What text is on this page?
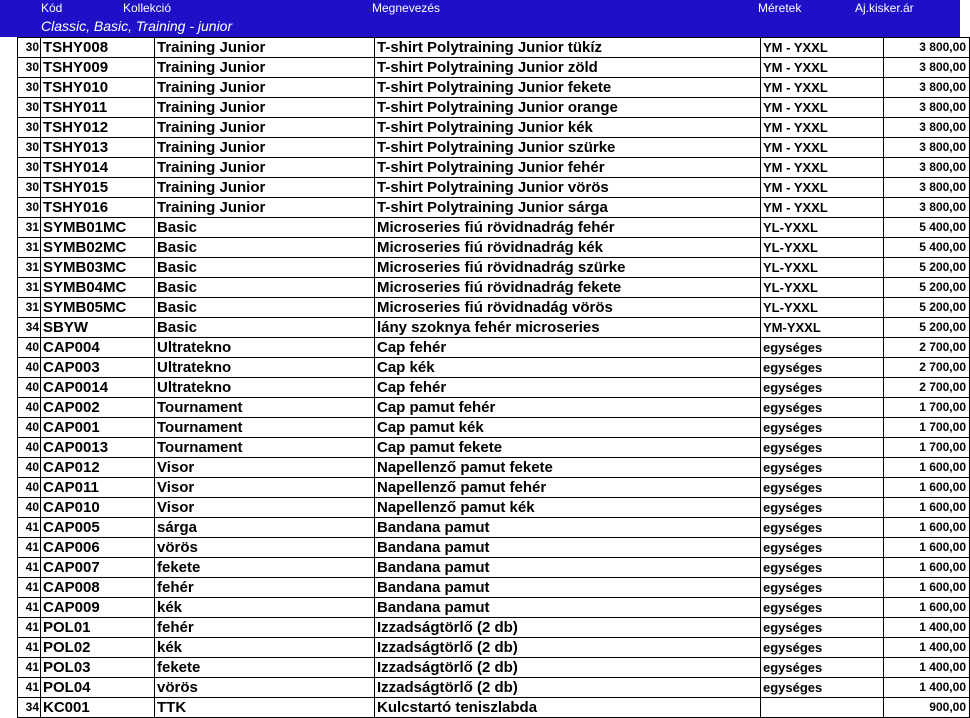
Kód	Kollekció	Megnevezés	Méretek	Aj.kisker.ár
Classic, Basic, Training - junior
30	TSHY008	Training Junior	T-shirt Polytraining Junior tükíz	YM - YXXL	3 800,00
30	TSHY009	Training Junior	T-shirt Polytraining Junior zöld	YM - YXXL	3 800,00
30	TSHY010	Training Junior	T-shirt Polytraining Junior fekete	YM - YXXL	3 800,00
30	TSHY011	Training Junior	T-shirt Polytraining Junior orange	YM - YXXL	3 800,00
30	TSHY012	Training Junior	T-shirt Polytraining Junior kék	YM - YXXL	3 800,00
30	TSHY013	Training Junior	T-shirt Polytraining Junior szürke	YM - YXXL	3 800,00
30	TSHY014	Training Junior	T-shirt Polytraining Junior fehér	YM - YXXL	3 800,00
30	TSHY015	Training Junior	T-shirt Polytraining Junior vörös	YM - YXXL	3 800,00
30	TSHY016	Training Junior	T-shirt Polytraining Junior sárga	YM - YXXL	3 800,00
31	SYMB01MC	Basic	Microseries fiú rövidnadrág fehér	YL-YXXL	5 400,00
31	SYMB02MC	Basic	Microseries fiú rövidnadrág kék	YL-YXXL	5 400,00
31	SYMB03MC	Basic	Microseries fiú rövidnadrág szürke	YL-YXXL	5 200,00
31	SYMB04MC	Basic	Microseries fiú rövidnadrág fekete	YL-YXXL	5 200,00
31	SYMB05MC	Basic	Microseries fiú rövidnadág vörös	YL-YXXL	5 200,00
34	SBYW	Basic	lány szoknya fehér microseries	YM-YXXL	5 200,00
40	CAP004	Ultratekno	Cap fehér	egységes	2 700,00
40	CAP003	Ultratekno	Cap kék	egységes	2 700,00
40	CAP0014	Ultratekno	Cap fehér	egységes	2 700,00
40	CAP002	Tournament	Cap pamut fehér	egységes	1 700,00
40	CAP001	Tournament	Cap pamut kék	egységes	1 700,00
40	CAP0013	Tournament	Cap pamut fekete	egységes	1 700,00
40	CAP012	Visor	Napellenző pamut fekete	egységes	1 600,00
40	CAP011	Visor	Napellenző pamut fehér	egységes	1 600,00
40	CAP010	Visor	Napellenző pamut kék	egységes	1 600,00
41	CAP005	sárga	Bandana pamut	egységes	1 600,00
41	CAP006	vörös	Bandana pamut	egységes	1 600,00
41	CAP007	fekete	Bandana pamut	egységes	1 600,00
41	CAP008	fehér	Bandana pamut	egységes	1 600,00
41	CAP009	kék	Bandana pamut	egységes	1 600,00
41	POL01	fehér	Izzadságtörlő (2 db)	egységes	1 400,00
41	POL02	kék	Izzadságtörlő (2 db)	egységes	1 400,00
41	POL03	fekete	Izzadságtörlő (2 db)	egységes	1 400,00
41	POL04	vörös	Izzadságtörlő (2 db)	egységes	1 400,00
34	KC001	TTK	Kulcstartó teniszlabda		900,00
